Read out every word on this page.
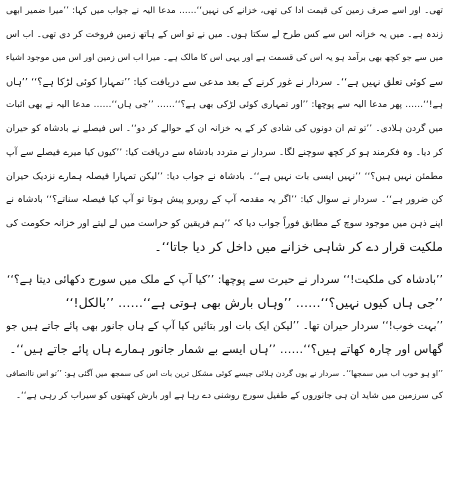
تھی۔ اور اسے صرف زمین کی قیمت ادا کی تھی، خزانے کی نہیں‘‘…… مدعا الیہ نے جواب میں کہا: ’’میرا ضمیر ابھی
زندہ ہے۔ میں یہ خزانہ اس سے کس طرح لے سکتا ہوں۔ میں نے تو اس کے ہاتھ زمین فروخت کر دی تھی۔ اب اس
میں سے جو کچھ بھی برآمد ہو یہ اس کی قسمت ہے اور یہی اس کا مالک ہے۔ میرا اب اس زمین اور اس میں موجود اشیاء
سے کوئی تعلق نہیں ہے‘‘۔ سردار نے غور کرنے کے بعد مدعی سے دریافت کیا: ’’تمہارا کوئی لڑکا ہے؟‘‘ ’’ہاں
ہے!‘‘…… پھر مدعا الیہ سے پوچھا: ’’اور تمہاری کوئی لڑکی بھی ہے؟‘‘…… ’’جی ہاں‘‘…… مدعا الیہ نے بھی اثبات
میں گردن ہلادی۔ ’’تو تم ان دونوں کی شادی کر کے یہ خزانہ ان کے حوالے کر دو‘‘۔ اس فیصلے نے بادشاہ کو حیران
کر دیا۔ وہ فکرمند ہو کر کچھ سوچنے لگا۔ سردار نے متردد بادشاہ سے دریافت کیا: ’’کیوں کیا میرے فیصلے سے آپ
مطمئن نہیں ہیں؟‘‘ ’’نہیں ایسی بات نہیں ہے‘‘۔ بادشاہ نے جواب دیا: ’’لیکن تمہارا فیصلہ ہمارے نزدیک حیران
کن ضرور ہے‘‘۔ سردار نے سوال کیا: ’’اگر یہ مقدمہ آپ کے روبرو پیش ہوتا تو آپ کیا فیصلہ سناتے؟‘‘ بادشاہ نے
اپنے ذہن میں موجود سوچ کے مطابق فوراً جواب دیا کہ ’’ہم فریقین کو حراست میں لے لیتے اور خزانہ حکومت کی
ملکیت قرار دے کر شاہی خزانے میں داخل کر دیا جاتا‘‘۔
’’بادشاہ کی ملکیت!‘‘ سردار نے حیرت سے پوچھا: ’’کیا آپ کے ملک میں سورج دکھائی دیتا ہے؟‘‘
’’جی ہاں کیوں نہیں؟‘‘…… ’’وہاں بارش بھی ہوتی ہے‘‘…… ’’بالکل!‘‘
’’بہت خوب!‘‘ سردار حیران تھا۔ ’’لیکن ایک بات اور بتائیں کیا آپ کے ہاں جانور بھی پائے جاتے ہیں جو
گھاس اور چارہ کھاتے ہیں؟‘‘…… ’’ہاں ایسے بے شمار جانور ہمارے ہاں پائے جاتے ہیں‘‘۔
’’او ہو خوب اب میں سمجھا‘‘۔ سردار نے یوں گردن ہلائی جیسے کوئی مشکل ترین بات اس کی سمجھ میں آگئی ہو: ’’تو اس ناانصافی
کی سرزمین میں شاید ان ہی جانوروں کے طفیل سورج روشنی دے رہا ہے اور بارش کھیتوں کو سیراب کر رہی ہے‘‘۔
